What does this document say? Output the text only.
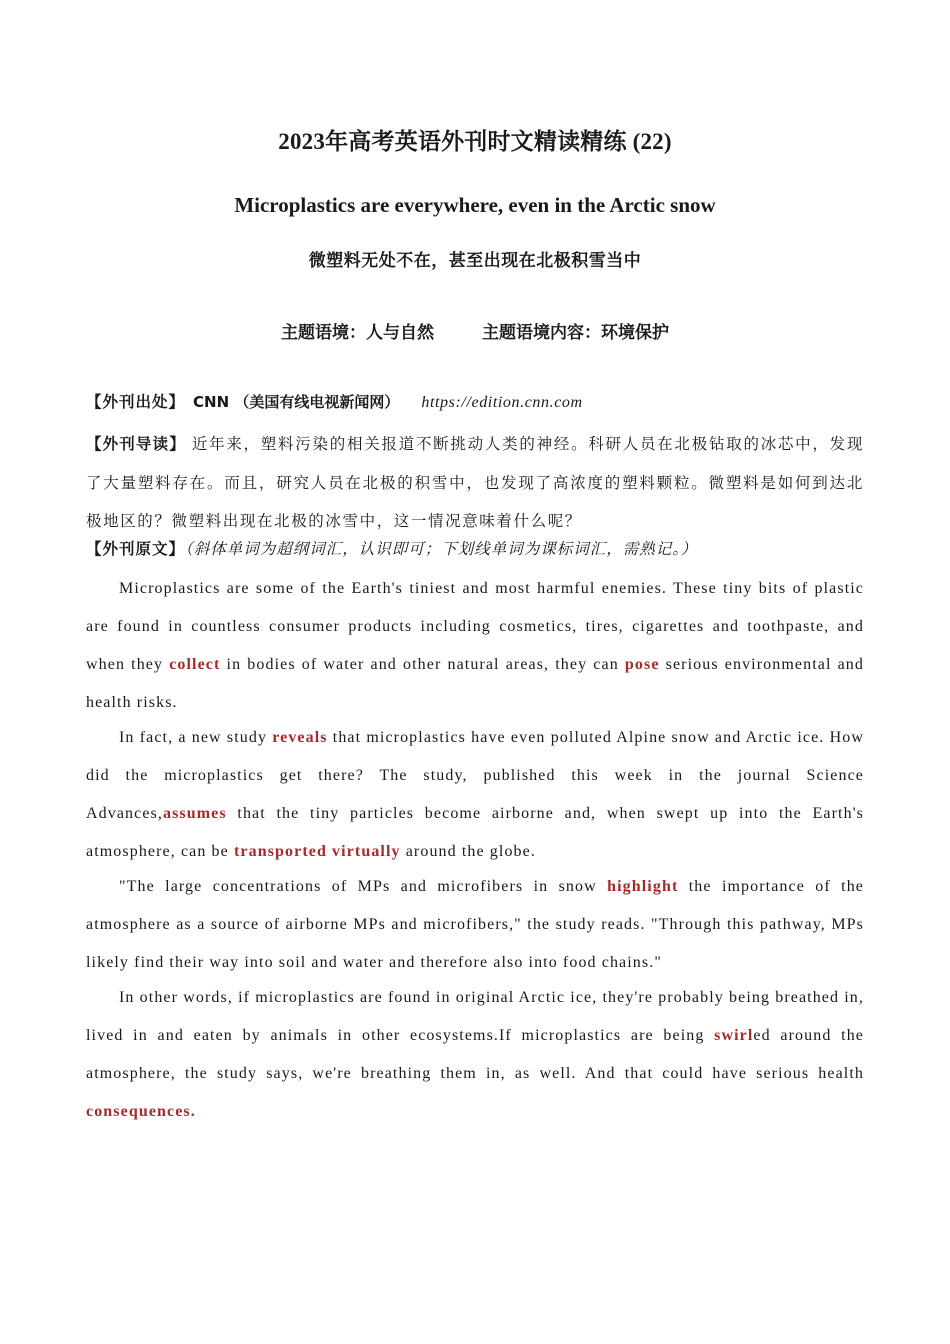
2023年高考英语外刊时文精读精练 (22)
Microplastics are everywhere, even in the Arctic snow
微塑料无处不在，甚至出现在北极积雪当中
主题语境：人与自然	主题语境内容：环境保护
【外刊出处】 CNN （美国有线电视新闻网） https://edition.cnn.com
【外刊导读】 近年来，塑料污染的相关报道不断挑动人类的神经。科研人员在北极钻取的冰芯中，发现了大量塑料存在。而且，研究人员在北极的积雪中，也发现了高浓度的塑料颗粒。微塑料是如何到达北极地区的？微塑料出现在北极的冰雪中，这一情况意味着什么呢？
【外刊原文】（斜体单词为超纲词汇，认识即可；下划线单词为课标词汇，需熟记。）

Microplastics are some of the Earth's tiniest and most harmful enemies. These tiny bits of plastic are found in countless consumer products including cosmetics, tires, cigarettes and toothpaste, and when they collect in bodies of water and other natural areas, they can pose serious environmental and health risks.

In fact, a new study reveals that microplastics have even polluted Alpine snow and Arctic ice. How did the microplastics get there? The study, published this week in the journal Science Advances,assumes that the tiny particles become airborne and, when swept up into the Earth's atmosphere, can be transported virtually around the globe.

"The large concentrations of MPs and microfibers in snow highlight the importance of the atmosphere as a source of airborne MPs and microfibers," the study reads. "Through this pathway, MPs likely find their way into soil and water and therefore also into food chains."

In other words, if microplastics are found in original Arctic ice, they're probably being breathed in, lived in and eaten by animals in other ecosystems.If microplastics are being swirled around the atmosphere, the study says, we're breathing them in, as well. And that could have serious health consequences.
